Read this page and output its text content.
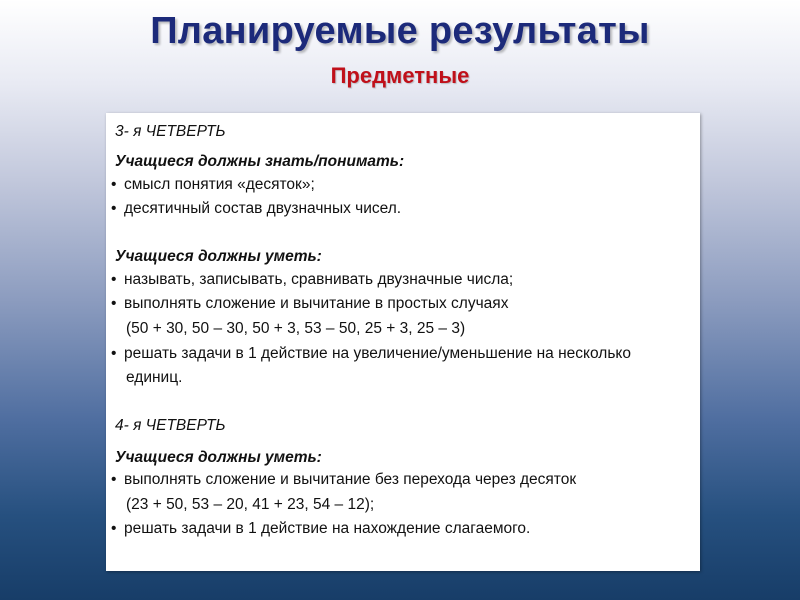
Планируемые результаты
Предметные
3- я ЧЕТВЕРТЬ
Учащиеся должны знать/понимать:
• смысл понятия «десяток»;
• десятичный состав двузначных чисел.
Учащиеся должны уметь:
• называть, записывать, сравнивать двузначные числа;
• выполнять сложение и вычитание в простых случаях
(50 + 30, 50 – 30, 50 + 3, 53 – 50, 25 + 3, 25 – 3)
• решать задачи в 1 действие на увеличение/уменьшение на несколько
единиц.
4- я ЧЕТВЕРТЬ
Учащиеся должны уметь:
• выполнять сложение и вычитание без перехода через десяток
(23 + 50, 53 – 20, 41 + 23, 54 – 12);
• решать задачи в 1 действие на нахождение слагаемого.
